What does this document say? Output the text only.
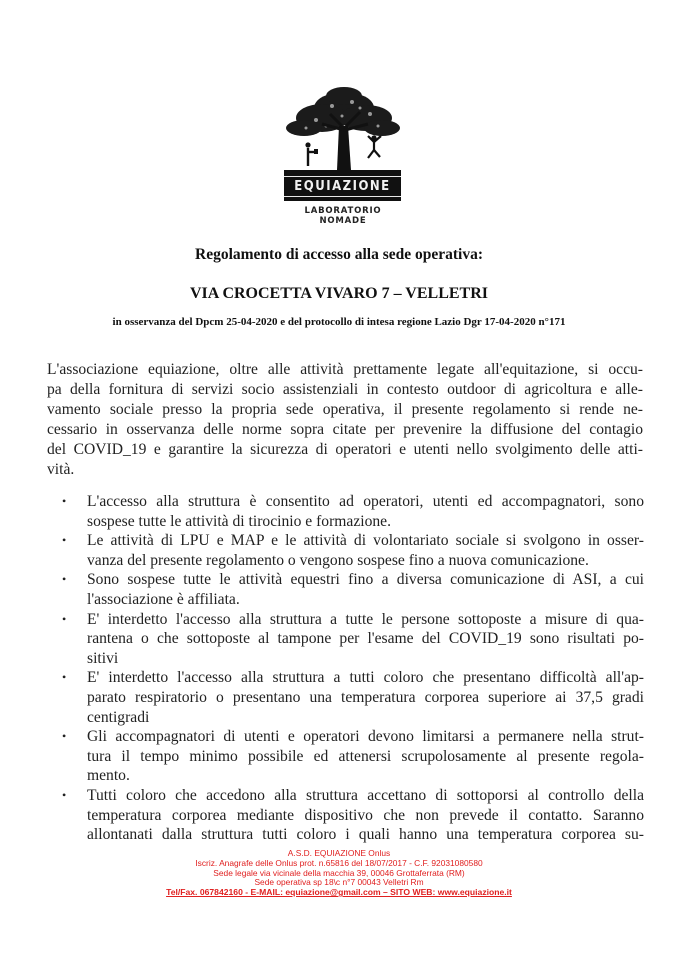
EQUIAZIONE
LABORATORIO NOMADE
Regolamento di accesso alla sede operativa:
VIA CROCETTA VIVARO 7 – VELLETRI
in osservanza del Dpcm 25-04-2020 e del protocollo di intesa regione Lazio Dgr 17-04-2020 n°171
L'associazione equiazione, oltre alle attività prettamente legate all'equitazione, si occu-
pa della fornitura di servizi socio assistenziali in contesto outdoor di agricoltura e alle-
vamento sociale presso la propria sede operativa, il presente regolamento si rende ne-
cessario in osservanza delle norme sopra citate per prevenire la diffusione del contagio
del COVID_19 e garantire la sicurezza di operatori e utenti nello svolgimento delle atti-
vità.
• L'accesso alla struttura è consentito ad operatori, utenti ed accompagnatori, sono
sospese tutte le attività di tirocinio e formazione.
• Le attività di LPU e MAP e le attività di volontariato sociale si svolgono in osser-
vanza del presente regolamento o vengono sospese fino a nuova comunicazione.
• Sono sospese tutte le attività equestri fino a diversa comunicazione di ASI, a cui
l'associazione è affiliata.
• E' interdetto l'accesso alla struttura a tutte le persone sottoposte a misure di qua-
rantena o che sottoposte al tampone per l'esame del COVID_19 sono risultati po-
sitivi
• E' interdetto l'accesso alla struttura a tutti coloro che presentano difficoltà all'ap-
parato respiratorio o presentano una temperatura corporea superiore ai 37,5 gradi
centigradi
• Gli accompagnatori di utenti e operatori devono limitarsi a permanere nella strut-
tura il tempo minimo possibile ed attenersi scrupolosamente al presente regola-
mento.
• Tutti coloro che accedono alla struttura accettano di sottoporsi al controllo della
temperatura corporea mediante dispositivo che non prevede il contatto. Saranno
allontanati dalla struttura tutti coloro i quali hanno una temperatura corporea su-
A.S.D. EQUIAZIONE Onlus
Iscriz. Anagrafe delle Onlus prot. n.65816 del 18/07/2017 - C.F. 92031080580
Sede legale via vicinale della macchia 39, 00046 Grottaferrata (RM)
Sede operativa sp 18\c n°7 00043 Velletri Rm
Tel/Fax. 067842160 - E-MAIL: equiazione@gmail.com – SITO WEB: www.equiazione.it
